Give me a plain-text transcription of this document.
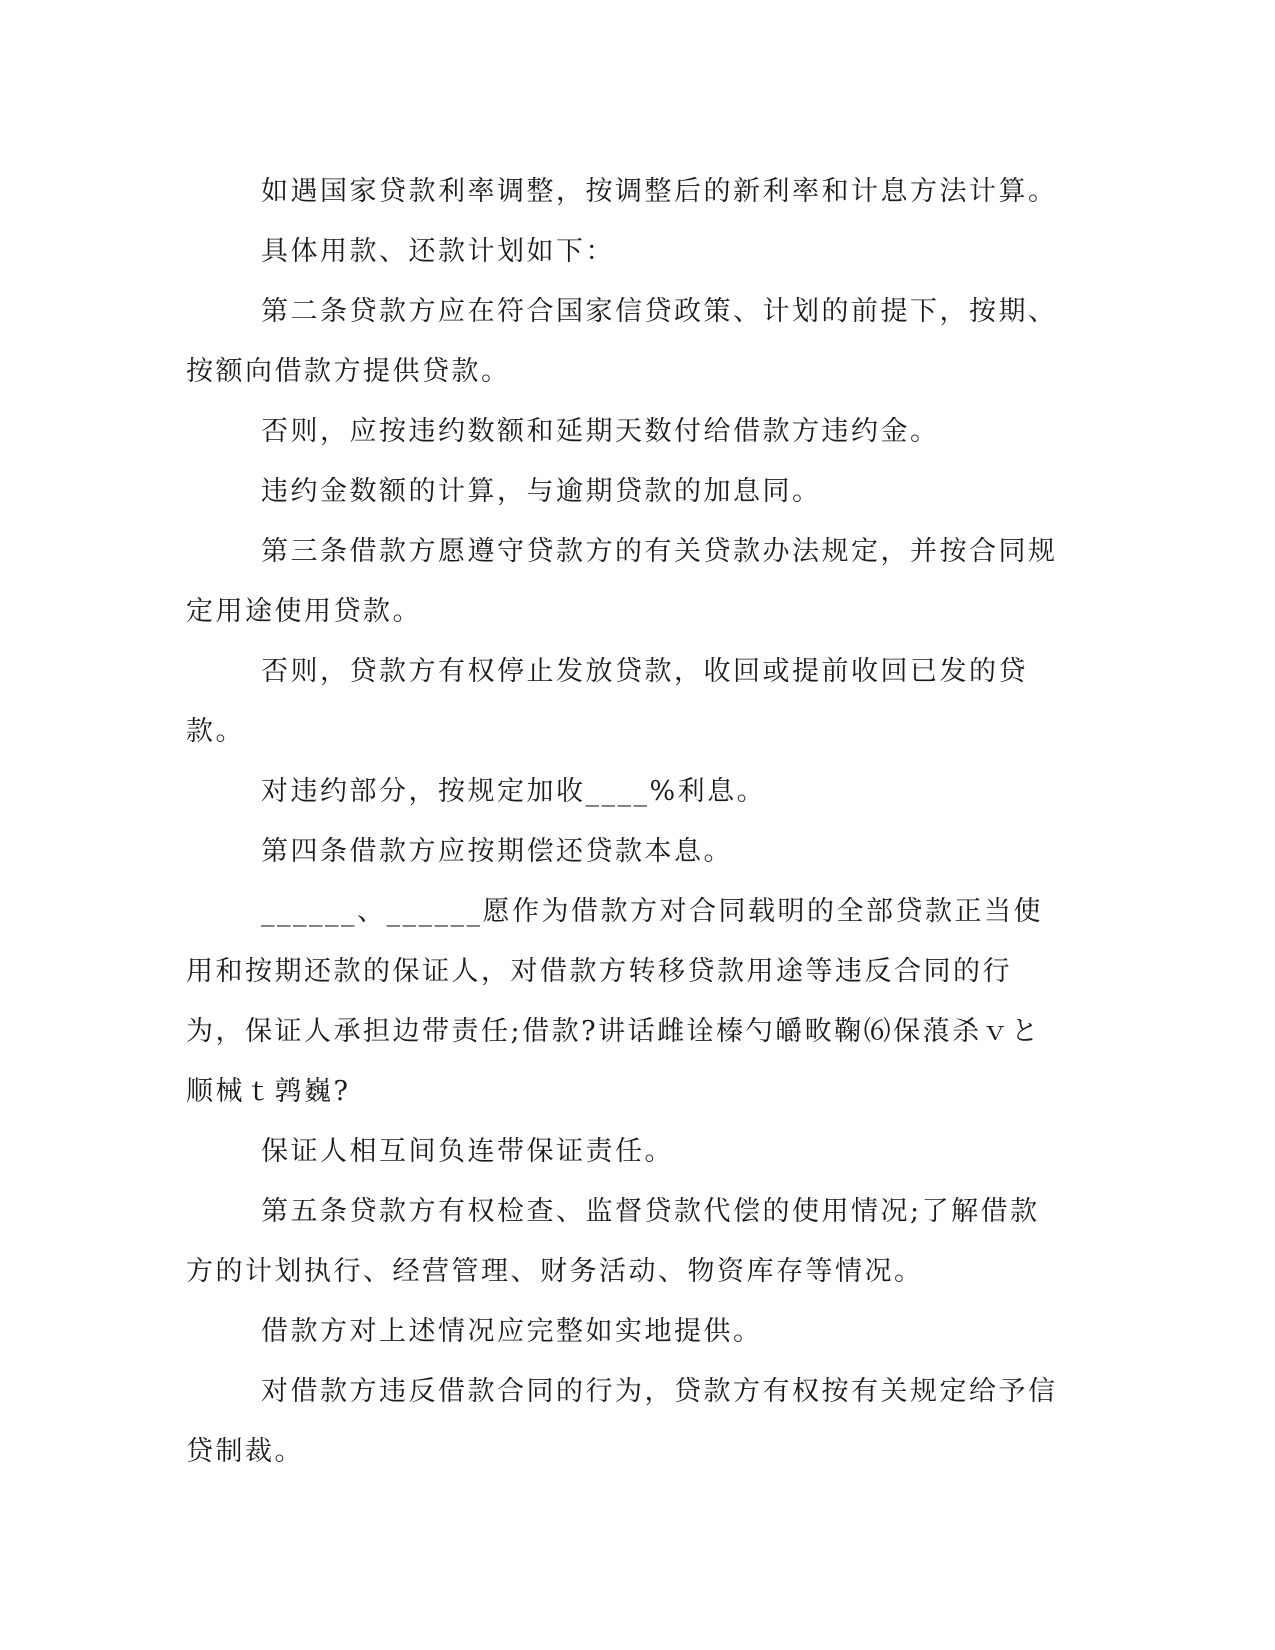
如遇国家贷款利率调整，按调整后的新利率和计息方法计算。

具体用款、还款计划如下：

第二条贷款方应在符合国家信贷政策、计划的前提下，按期、按额向借款方提供贷款。

否则，应按违约数额和延期天数付给借款方违约金。

违约金数额的计算，与逾期贷款的加息同。

第三条借款方愿遵守贷款方的有关贷款办法规定，并按合同规定用途使用贷款。

否则，贷款方有权停止发放贷款，收回或提前收回已发的贷款。

对违约部分，按规定加收____%利息。

第四条借款方应按期偿还贷款本息。

______、______愿作为借款方对合同载明的全部贷款正当使用和按期还款的保证人，对借款方转移贷款用途等违反合同的行为，保证人承担边带责任;借款?讲话雌诠榛勺皭畋鞠⑹保蒗杀ｖと顺械ｔ鹑巍?

保证人相互间负连带保证责任。

第五条贷款方有权检查、监督贷款代偿的使用情况;了解借款方的计划执行、经营管理、财务活动、物资库存等情况。

借款方对上述情况应完整如实地提供。

对借款方违反借款合同的行为，贷款方有权按有关规定给予信贷制裁。
